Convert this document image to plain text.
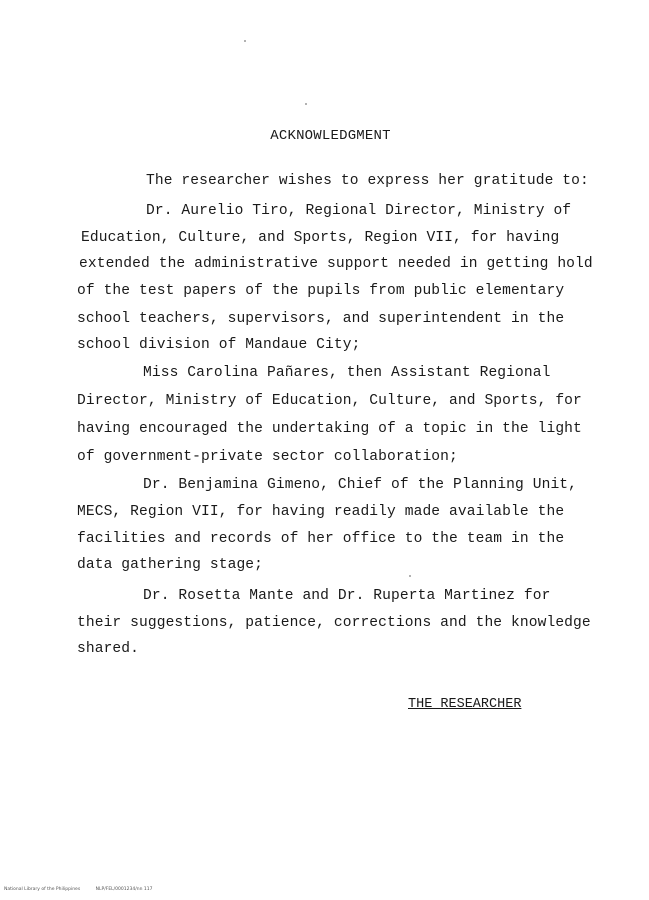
ACKNOWLEDGMENT
The researcher wishes to express her gratitude to:
Dr. Aurelio Tiro, Regional Director, Ministry of
Education, Culture, and Sports, Region VII, for having
extended the administrative support needed in getting hold
of the test papers of the pupils from public elementary
school teachers, supervisors, and superintendent in the
school division of Mandaue City;
Miss Carolina Pañares, then Assistant Regional
Director, Ministry of Education, Culture, and Sports, for
having encouraged the undertaking of a topic in the light
of government-private sector collaboration;
Dr. Benjamina Gimeno, Chief of the Planning Unit,
MECS, Region VII, for having readily made available the
facilities and records of her office to the team in the
data gathering stage;
Dr. Rosetta Mante and Dr. Ruperta Martinez for
their suggestions, patience, corrections and the knowledge
shared.
THE RESEARCHER
National Library of the Philippines	NLP/FEL/0001234/nn 117
